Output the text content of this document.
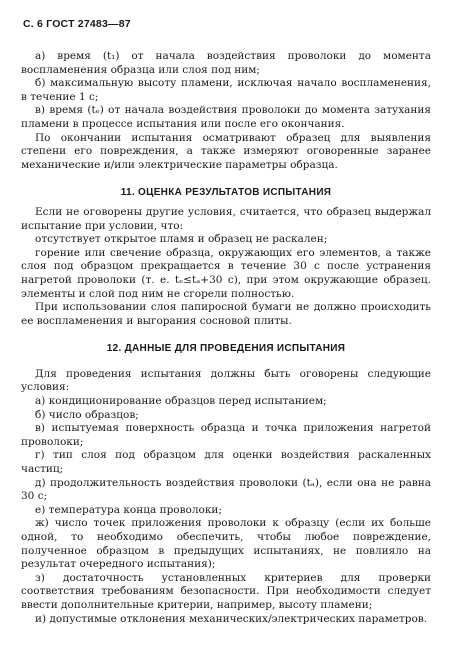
С. 6 ГОСТ 27483—87

а) время (t₁) от начала воздействия проволоки до момента воспламенения образца или слоя под ним;

б) максимальную высоту пламени, исключая начало воспламенения, в течение 1 с;

в) время (tₑ) от начала воздействия проволоки до момента затухания пламени в процессе испытания или после его окончания.

По окончании испытания осматривают образец для выявления степени его повреждения, а также измеряют оговоренные заранее механические и/или электрические параметры образца.

11. ОЦЕНКА РЕЗУЛЬТАТОВ ИСПЫТАНИЯ

Если не оговорены другие условия, считается, что образец выдержал испытание при условии, что:

отсутствует открытое пламя и образец не раскален;

горение или свечение образца, окружающих его элементов, а также слоя под образцом прекращается в течение 30 с после устранения нагретой проволоки (т. е. tₑ≤tₐ+30 с), при этом окружающие образец. элементы и слой под ним не сгорели полностью.

При использовании слоя папиросной бумаги не должно происходить ее воспламенения и выгорания сосновой плиты.

12. ДАННЫЕ ДЛЯ ПРОВЕДЕНИЯ ИСПЫТАНИЯ

Для проведения испытания должны быть оговорены следующие условия:

а) кондиционирование образцов перед испытанием;

б) число образцов;

в) испытуемая поверхность образца и точка приложения нагретой проволоки;

г) тип слоя под образцом для оценки воздействия раскаленных частиц;

д) продолжительность воздействия проволоки (tₐ), если она не равна 30 с;

е) температура конца проволоки;

ж) число точек приложения проволоки к образцу (если их больше одной, то необходимо обеспечить, чтобы любое повреждение, полученное образцом в предыдущих испытаниях, не повлияло на результат очередного испытания);

з) достаточность установленных критериев для проверки соответствия требованиям безопасности. При необходимости следует ввести дополнительные критерии, например, высоту пламени;

и) допустимые отклонения механических/электрических параметров.
